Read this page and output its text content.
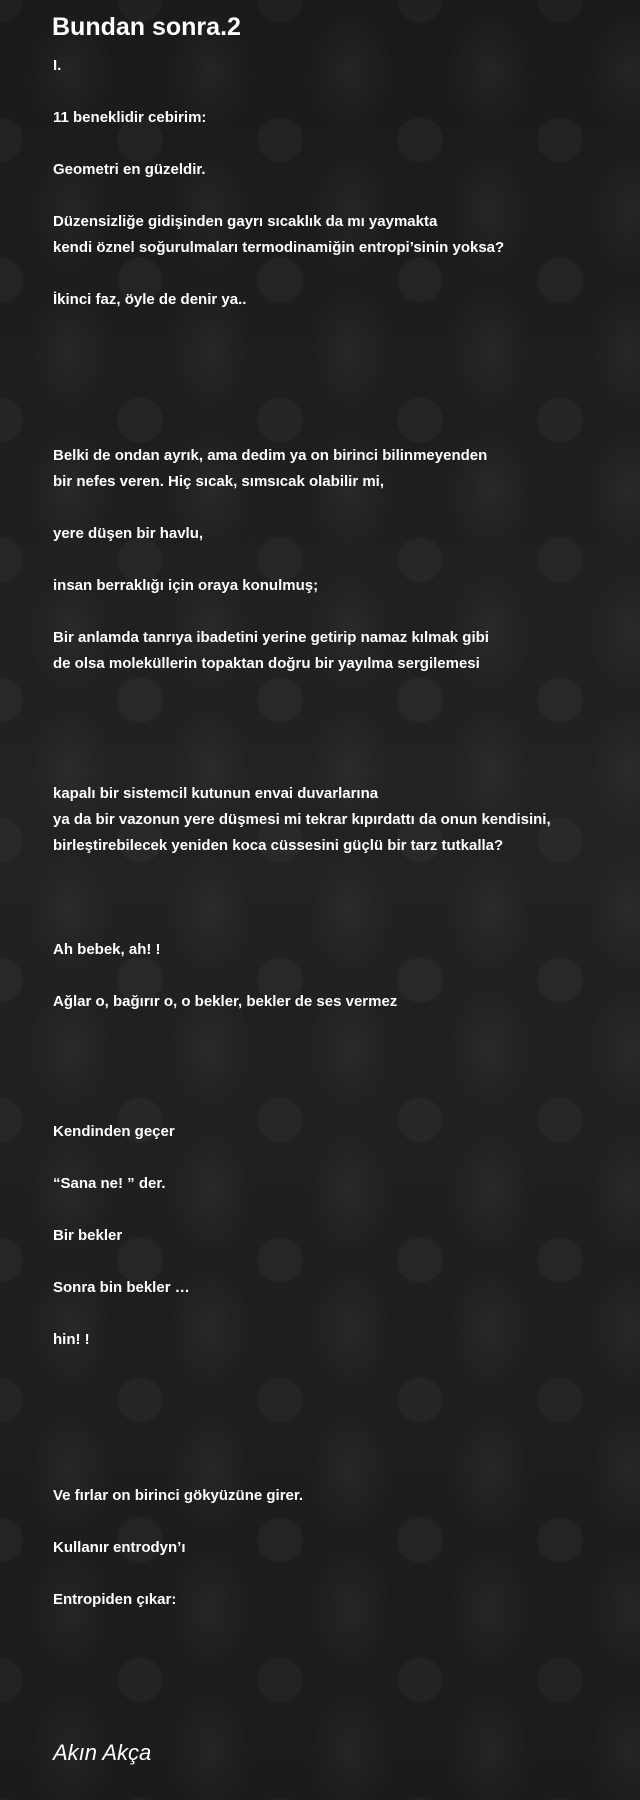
Bundan sonra.2
I.
11 beneklidir cebirim:
Geometri en güzeldir.
Düzensizliğe gidişinden gayrı sıcaklık da mı yaymakta
kendi öznel soğurulmaları termodinamiğin entropi’sinin yoksa?
İkinci faz, öyle de denir ya..
Belki de ondan ayrık, ama dedim ya on birinci bilinmeyenden
bir nefes veren. Hiç sıcak, sımsıcak olabilir mi,
yere düşen bir havlu,
insan berraklığı için oraya konulmuş;
Bir anlamda tanrıya ibadetini yerine getirip namaz kılmak gibi
de olsa moleküllerin topaktan doğru bir yayılma sergilemesi
kapalı bir sistemcil kutunun envai duvarlarına
ya da bir vazonun yere düşmesi mi tekrar kıpırdattı da onun kendisini,
birleştirebilecek yeniden koca cüssesini güçlü bir tarz tutkalla?
Ah bebek, ah! !
Ağlar o, bağırır o, o bekler, bekler de ses vermez
Kendinden geçer
“Sana ne! ” der.
Bir bekler
Sonra bin bekler …
hin! !
Ve fırlar on birinci gökyüzüne girer.
Kullanır entrodyn’ı
Entropiden çıkar:
Akın Akça
